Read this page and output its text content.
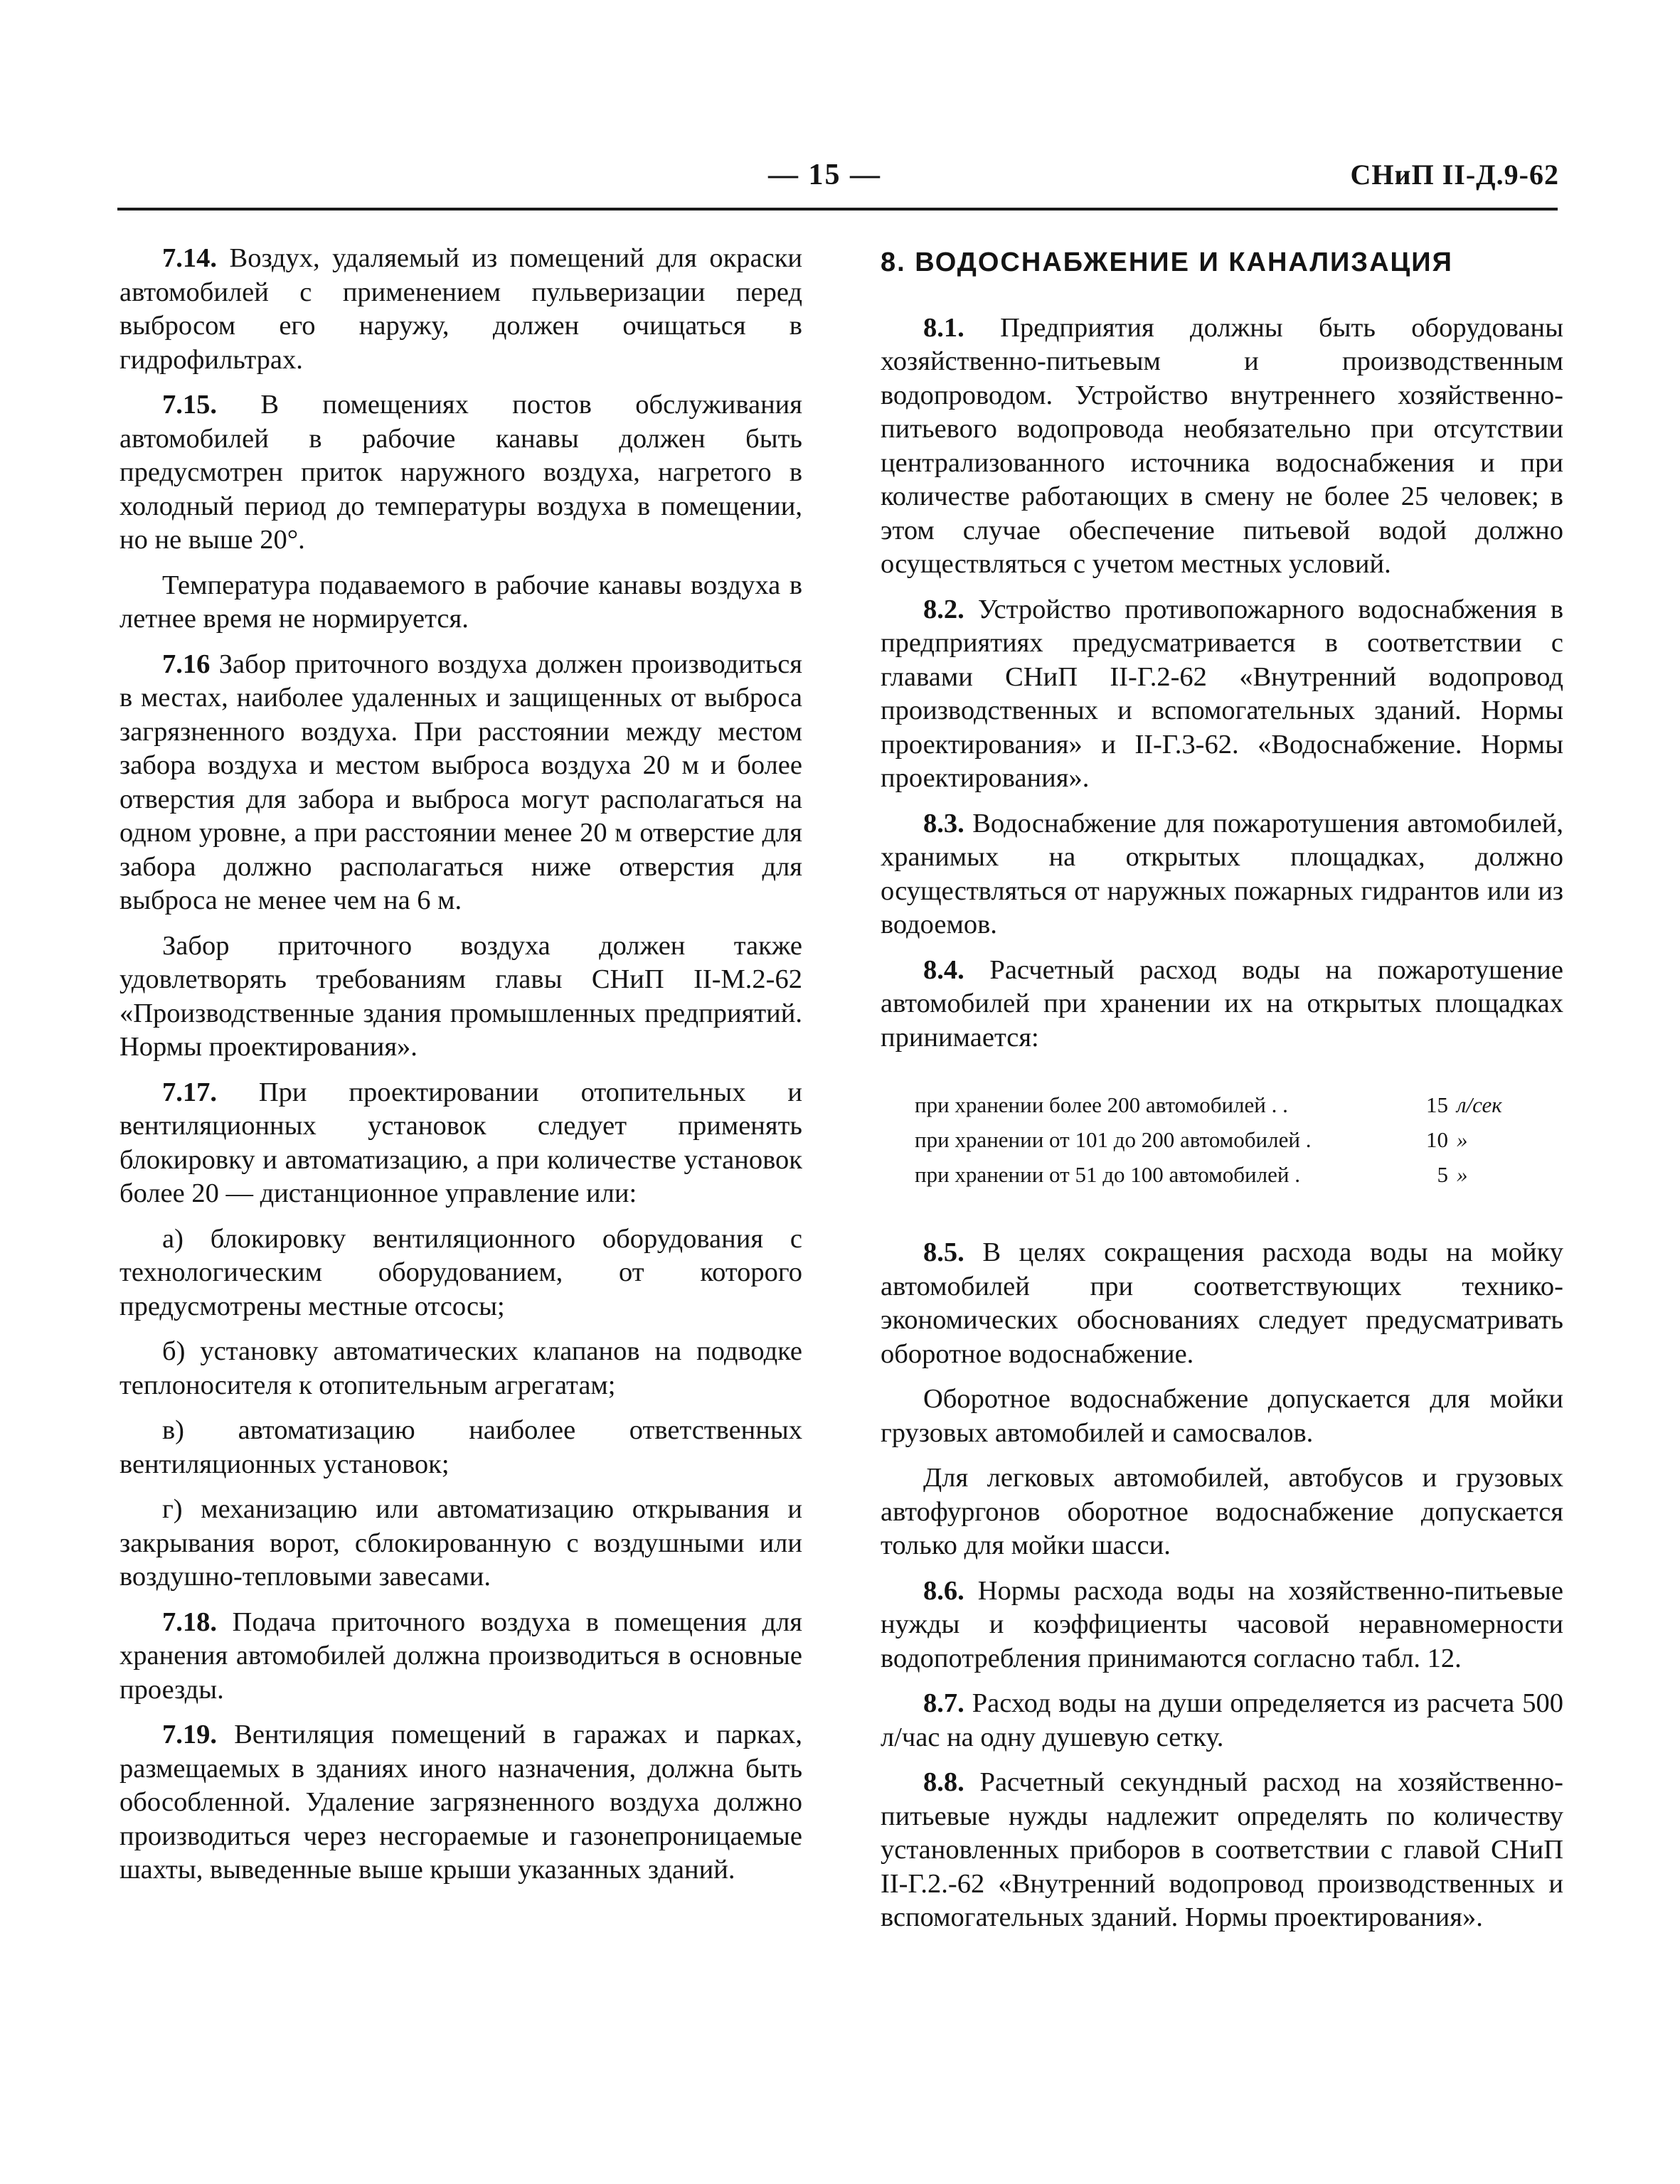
— 15 —	СНиП II-Д.9-62

7.14. Воздух, удаляемый из помещений для окраски автомобилей с применением пульверизации перед выбросом его наружу, должен очищаться в гидрофильтрах.

7.15. В помещениях постов обслуживания автомобилей в рабочие канавы должен быть предусмотрен приток наружного воздуха, нагретого в холодный период до температуры воздуха в помещении, но не выше 20°.

Температура подаваемого в рабочие канавы воздуха в летнее время не нормируется.

7.16 Забор приточного воздуха должен производиться в местах, наиболее удаленных и защищенных от выброса загрязненного воздуха. При расстоянии между местом забора воздуха и местом выброса воздуха 20 м и более отверстия для забора и выброса могут располагаться на одном уровне, а при расстоянии менее 20 м отверстие для забора должно располагаться ниже отверстия для выброса не менее чем на 6 м.

Забор приточного воздуха должен также удовлетворять требованиям главы СНиП II-М.2-62 «Производственные здания промышленных предприятий. Нормы проектирования».

7.17. При проектировании отопительных и вентиляционных установок следует применять блокировку и автоматизацию, а при количестве установок более 20 — дистанционное управление или:

а) блокировку вентиляционного оборудования с технологическим оборудованием, от которого предусмотрены местные отсосы;

б) установку автоматических клапанов на подводке теплоносителя к отопительным агрегатам;

в) автоматизацию наиболее ответственных вентиляционных установок;

г) механизацию или автоматизацию открывания и закрывания ворот, сблокированную с воздушными или воздушно-тепловыми завесами.

7.18. Подача приточного воздуха в помещения для хранения автомобилей должна производиться в основные проезды.

7.19. Вентиляция помещений в гаражах и парках, размещаемых в зданиях иного назначения, должна быть обособленной. Удаление загрязненного воздуха должно производиться через несгораемые и газонепроницаемые шахты, выведенные выше крыши указанных зданий.

8. ВОДОСНАБЖЕНИЕ И КАНАЛИЗАЦИЯ

8.1. Предприятия должны быть оборудованы хозяйственно-питьевым и производственным водопроводом. Устройство внутреннего хозяйственно-питьевого водопровода необязательно при отсутствии централизованного источника водоснабжения и при количестве работающих в смену не более 25 человек; в этом случае обеспечение питьевой водой должно осуществляться с учетом местных условий.

8.2. Устройство противопожарного водоснабжения в предприятиях предусматривается в соответствии с главами СНиП II-Г.2-62 «Внутренний водопровод производственных и вспомогательных зданий. Нормы проектирования» и II-Г.3-62. «Водоснабжение. Нормы проектирования».

8.3. Водоснабжение для пожаротушения автомобилей, хранимых на открытых площадках, должно осуществляться от наружных пожарных гидрантов или из водоемов.

8.4. Расчетный расход воды на пожаротушение автомобилей при хранении их на открытых площадках принимается:

при хранении более 200 автомобилей . .	15 л/сек
при хранении от 101 до 200 автомобилей .	10 »
при хранении от 51 до 100 автомобилей .	5 »

8.5. В целях сокращения расхода воды на мойку автомобилей при соответствующих технико-экономических обоснованиях следует предусматривать оборотное водоснабжение.

Оборотное водоснабжение допускается для мойки грузовых автомобилей и самосвалов.

Для легковых автомобилей, автобусов и грузовых автофургонов оборотное водоснабжение допускается только для мойки шасси.

8.6. Нормы расхода воды на хозяйственно-питьевые нужды и коэффициенты часовой неравномерности водопотребления принимаются согласно табл. 12.

8.7. Расход воды на души определяется из расчета 500 л/час на одну душевую сетку.

8.8. Расчетный секундный расход на хозяйственно-питьевые нужды надлежит определять по количеству установленных приборов в соответствии с главой СНиП II-Г.2.-62 «Внутренний водопровод производственных и вспомогательных зданий. Нормы проектирования».
